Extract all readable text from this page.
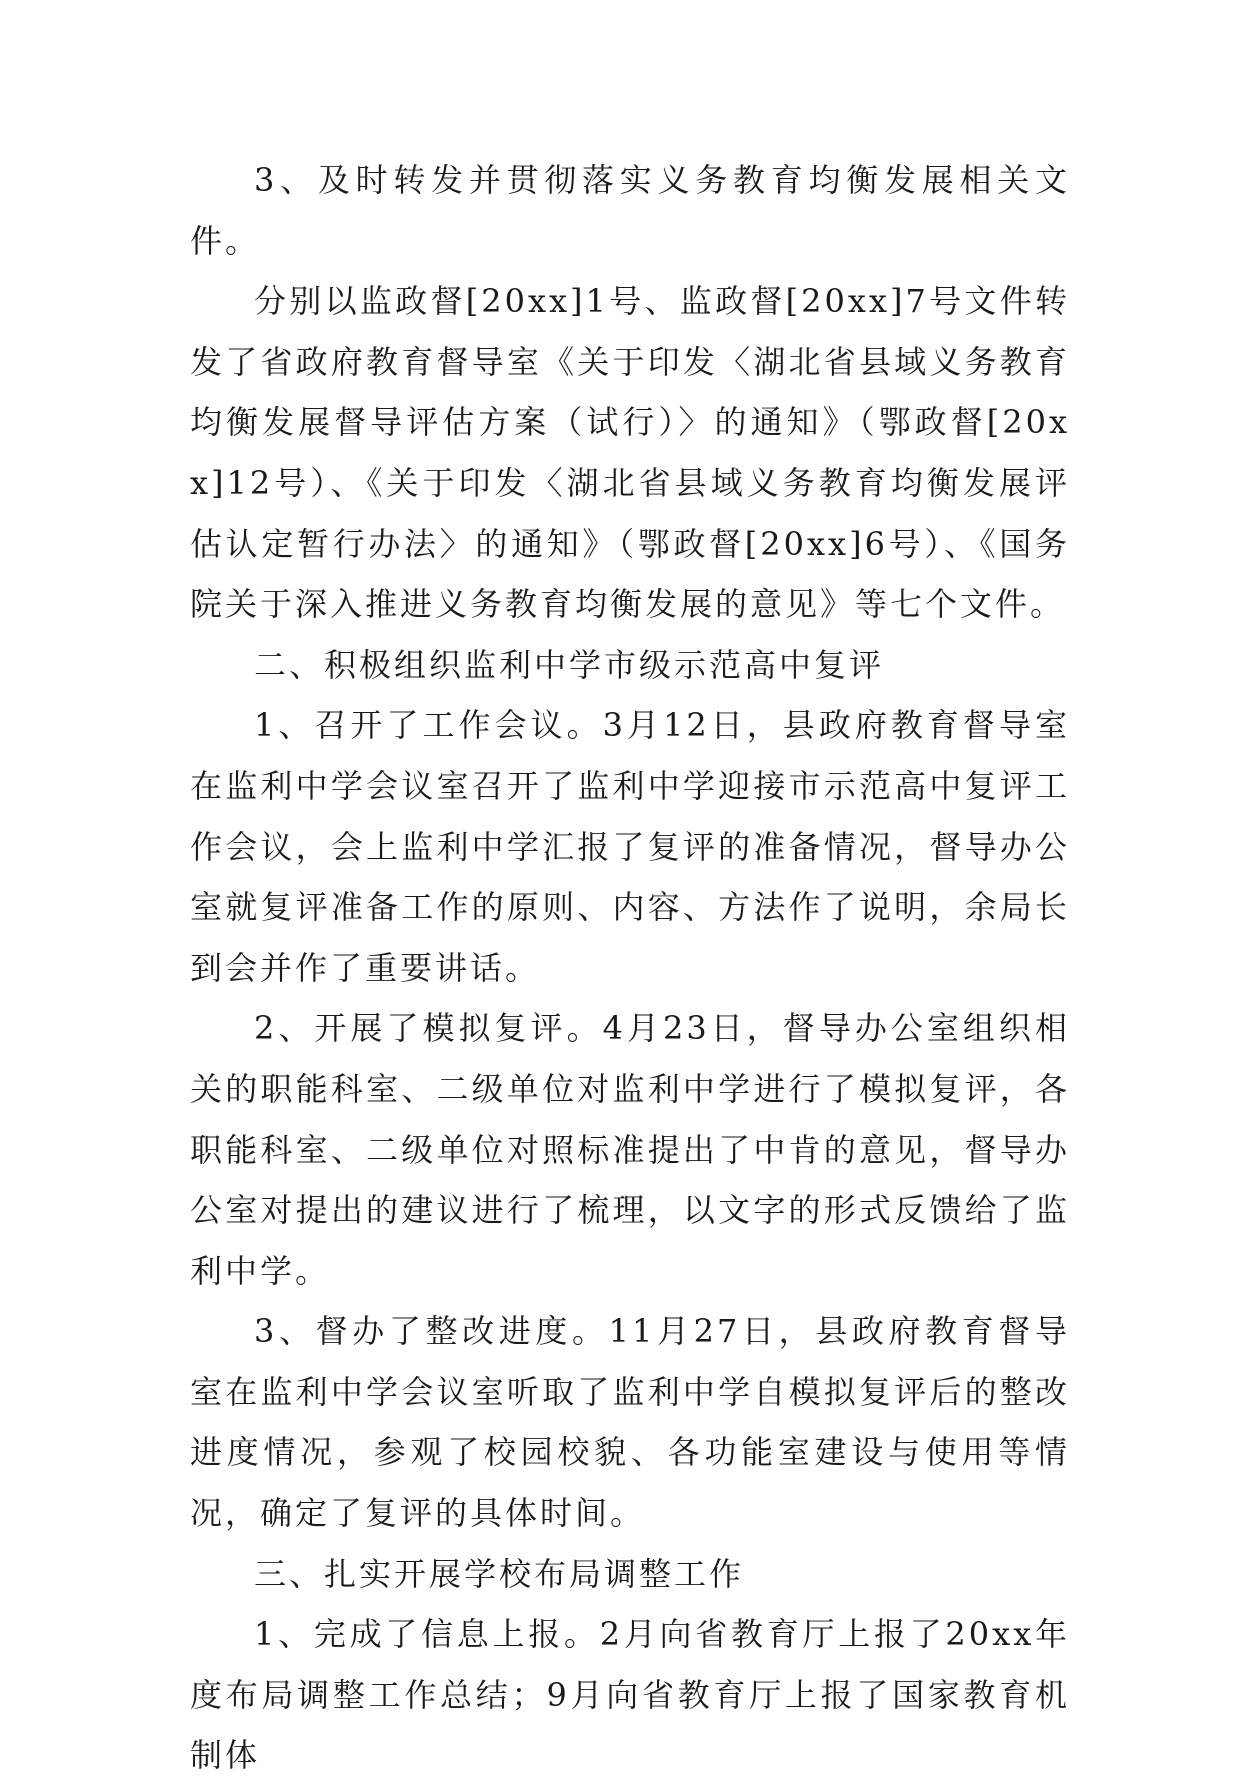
3、及时转发并贯彻落实义务教育均衡发展相关文件。

分别以监政督[20xx]1号、监政督[20xx]7号文件转发了省政府教育督导室《关于印发〈湖北省县域义务教育均衡发展督导评估方案（试行）〉的通知》（鄂政督[20xx]12号）、《关于印发〈湖北省县域义务教育均衡发展评估认定暂行办法〉的通知》（鄂政督[20xx]6号）、《国务院关于深入推进义务教育均衡发展的意见》等七个文件。

二、积极组织监利中学市级示范高中复评

1、召开了工作会议。3月12日，县政府教育督导室在监利中学会议室召开了监利中学迎接市示范高中复评工作会议，会上监利中学汇报了复评的准备情况，督导办公室就复评准备工作的原则、内容、方法作了说明，余局长到会并作了重要讲话。

2、开展了模拟复评。4月23日，督导办公室组织相关的职能科室、二级单位对监利中学进行了模拟复评，各职能科室、二级单位对照标准提出了中肯的意见，督导办公室对提出的建议进行了梳理，以文字的形式反馈给了监利中学。

3、督办了整改进度。11月27日，县政府教育督导室在监利中学会议室听取了监利中学自模拟复评后的整改进度情况，参观了校园校貌、各功能室建设与使用等情况，确定了复评的具体时间。

三、扎实开展学校布局调整工作

1、完成了信息上报。2月向省教育厅上报了20xx年度布局调整工作总结；9月向省教育厅上报了国家教育机制体
